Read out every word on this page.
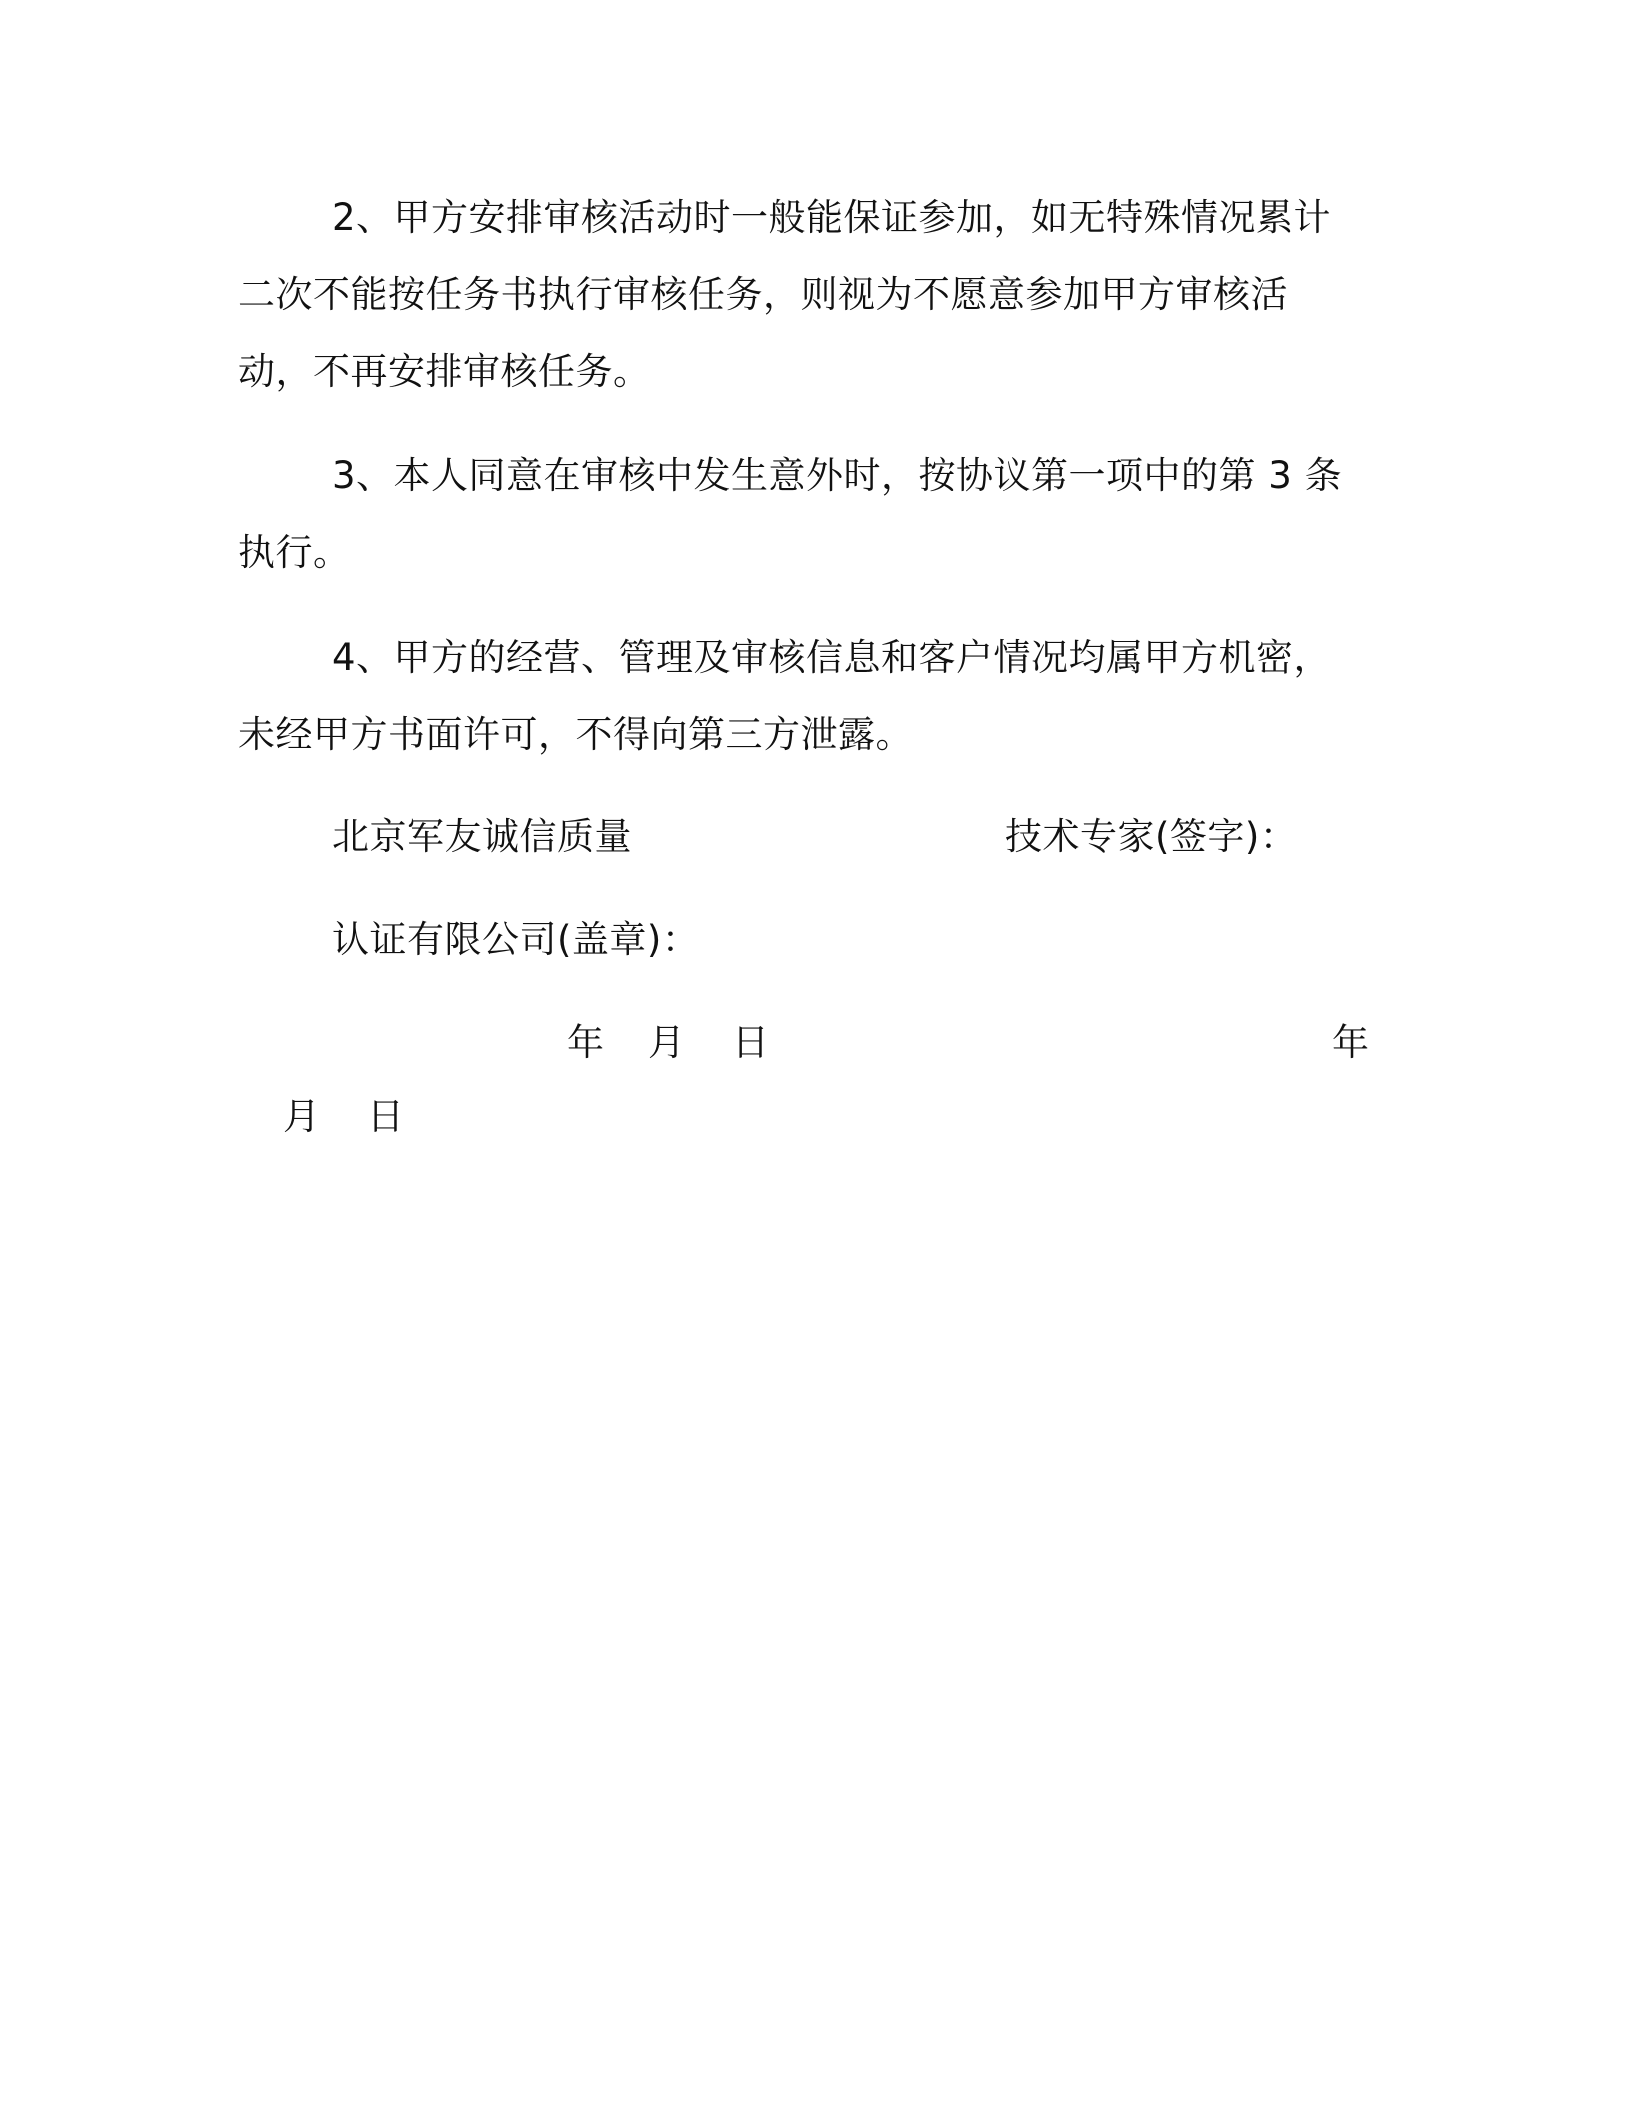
2、甲方安排审核活动时一般能保证参加，如无特殊情况累计二次不能按任务书执行审核任务，则视为不愿意参加甲方审核活动，不再安排审核任务。

3、本人同意在审核中发生意外时，按协议第一项中的第 3 条执行。

4、甲方的经营、管理及审核信息和客户情况均属甲方机密，未经甲方书面许可，不得向第三方泄露。

北京军友诚信质量	技术专家(签字)：
认证有限公司(盖章)：
年 月 日	年
月 日
